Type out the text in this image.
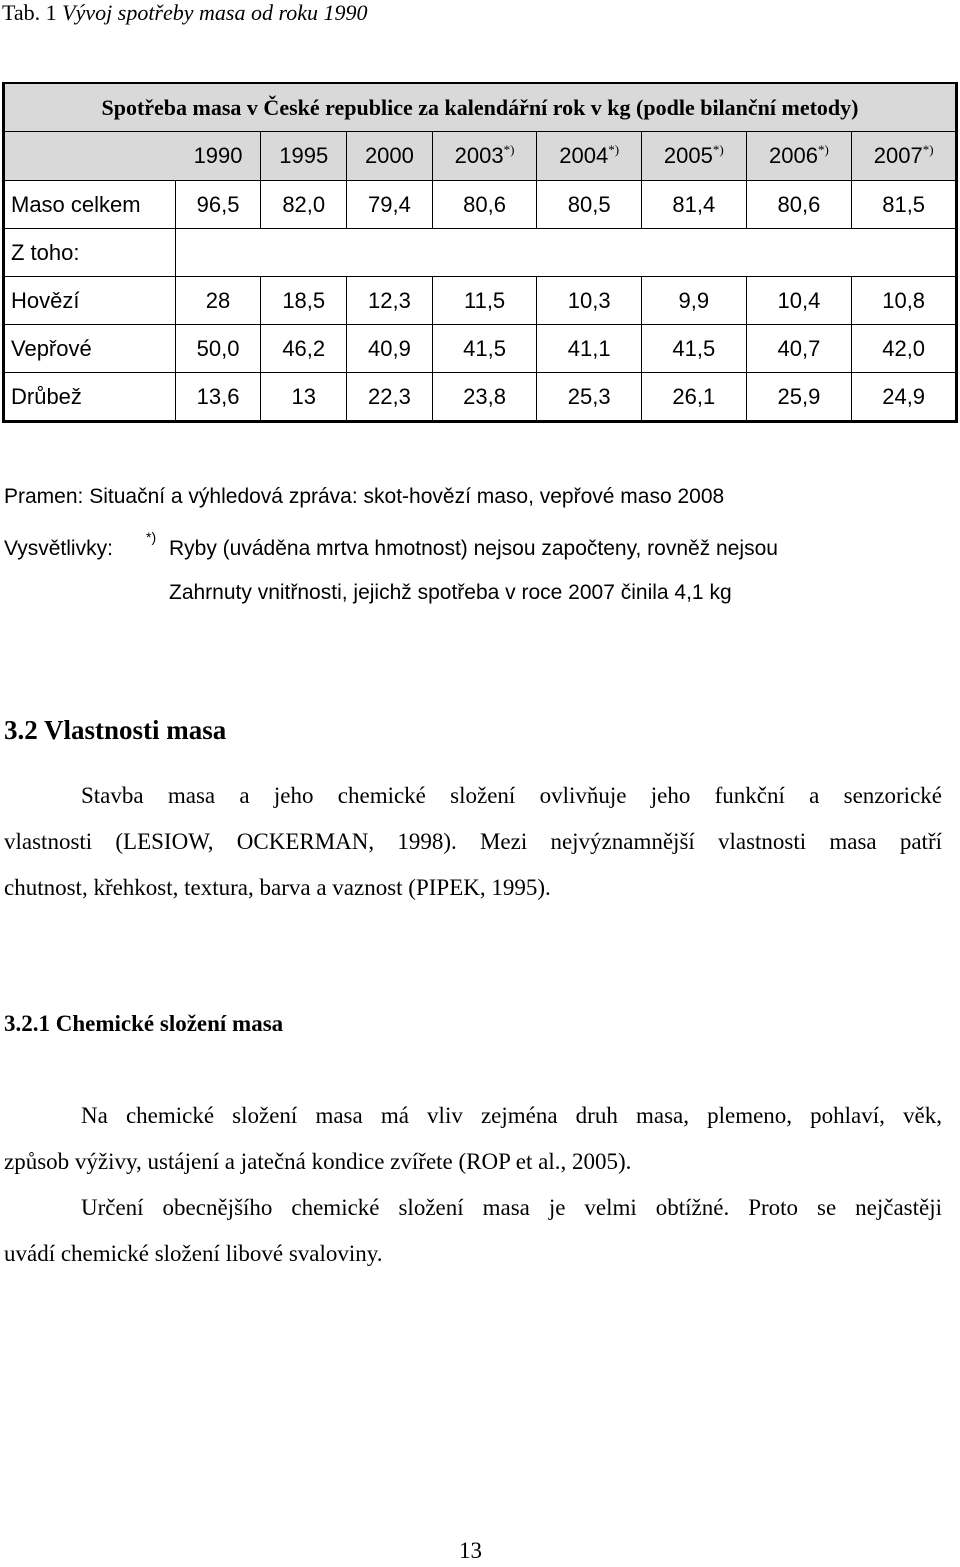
Tab. 1 Vývoj spotřeby masa od roku 1990
Spotřeba masa v České republice za kalendářní rok v kg (podle bilanční metody)								
	1990	1995	2000	2003*)	2004*)	2005*)	2006*)	2007*)
Maso celkem	96,5	82,0	79,4	80,6	80,5	81,4	80,6	81,5
Z toho:								
Hovězí	28	18,5	12,3	11,5	10,3	9,9	10,4	10,8
Vepřové	50,0	46,2	40,9	41,5	41,1	41,5	40,7	42,0
Drůbež	13,6	13	22,3	23,8	25,3	26,1	25,9	24,9
Pramen: Situační a výhledová zpráva: skot-hovězí maso, vepřové maso 2008
Vysvětlivky: *) Ryby (uváděna mrtva hmotnost) nejsou započteny, rovněž nejsou
Zahrnuty vnitřnosti, jejichž spotřeba v roce 2007 činila 4,1 kg
3.2 Vlastnosti masa
Stavba masa a jeho chemické složení ovlivňuje jeho funkční a senzorické
vlastnosti (LESIOW, OCKERMAN, 1998). Mezi nejvýznamnější vlastnosti masa patří
chutnost, křehkost, textura, barva a vaznost (PIPEK, 1995).
3.2.1 Chemické složení masa
Na chemické složení masa má vliv zejména druh masa, plemeno, pohlaví, věk,
způsob výživy, ustájení a jatečná kondice zvířete (ROP et al., 2005).
Určení obecnějšího chemické složení masa je velmi obtížné. Proto se nejčastěji
uvádí chemické složení libové svaloviny.
13
